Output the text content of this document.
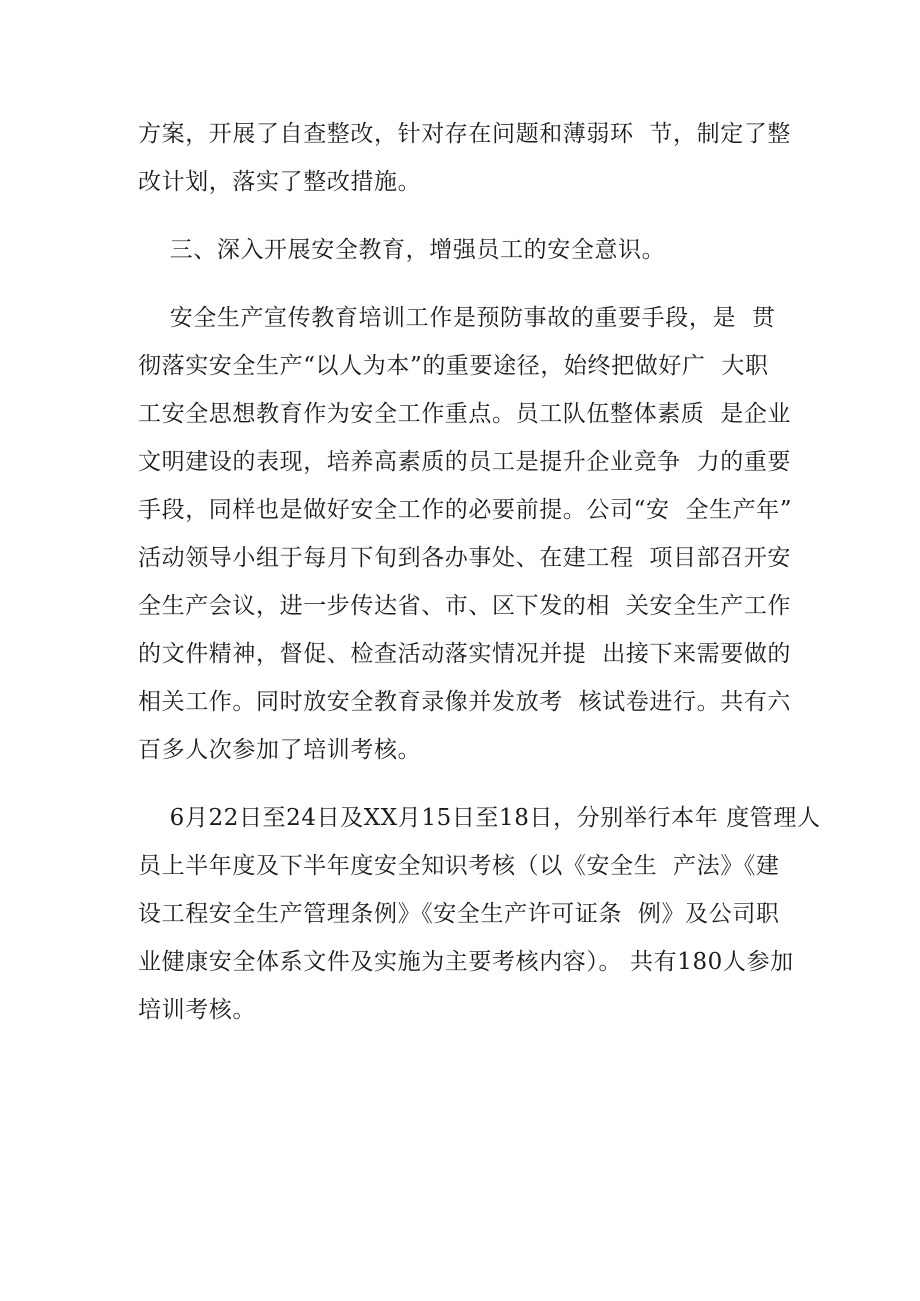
方案，开展了自查整改，针对存在问题和薄弱环  节，制定了整
改计划，落实了整改措施。
三、深入开展安全教育，增强员工的安全意识。
安全生产宣传教育培训工作是预防事故的重要手段，是  贯
彻落实安全生产“以人为本”的重要途径，始终把做好广  大职
工安全思想教育作为安全工作重点。员工队伍整体素质  是企业
文明建设的表现，培养高素质的员工是提升企业竞争  力的重要
手段，同样也是做好安全工作的必要前提。公司“安  全生产年”
活动领导小组于每月下旬到各办事处、在建工程  项目部召开安
全生产会议，进一步传达省、市、区下发的相  关安全生产工作
的文件精神，督促、检查活动落实情况并提  出接下来需要做的
相关工作。同时放安全教育录像并发放考  核试卷进行。共有六
百多人次参加了培训考核。
6月22日至24日及XX月15日至18日，分别举行本年 度管理人
员上半年度及下半年度安全知识考核（以《安全生  产法》《建
设工程安全生产管理条例》《安全生产许可证条  例》及公司职
业健康安全体系文件及实施为主要考核内容）。 共有180人参加
培训考核。
